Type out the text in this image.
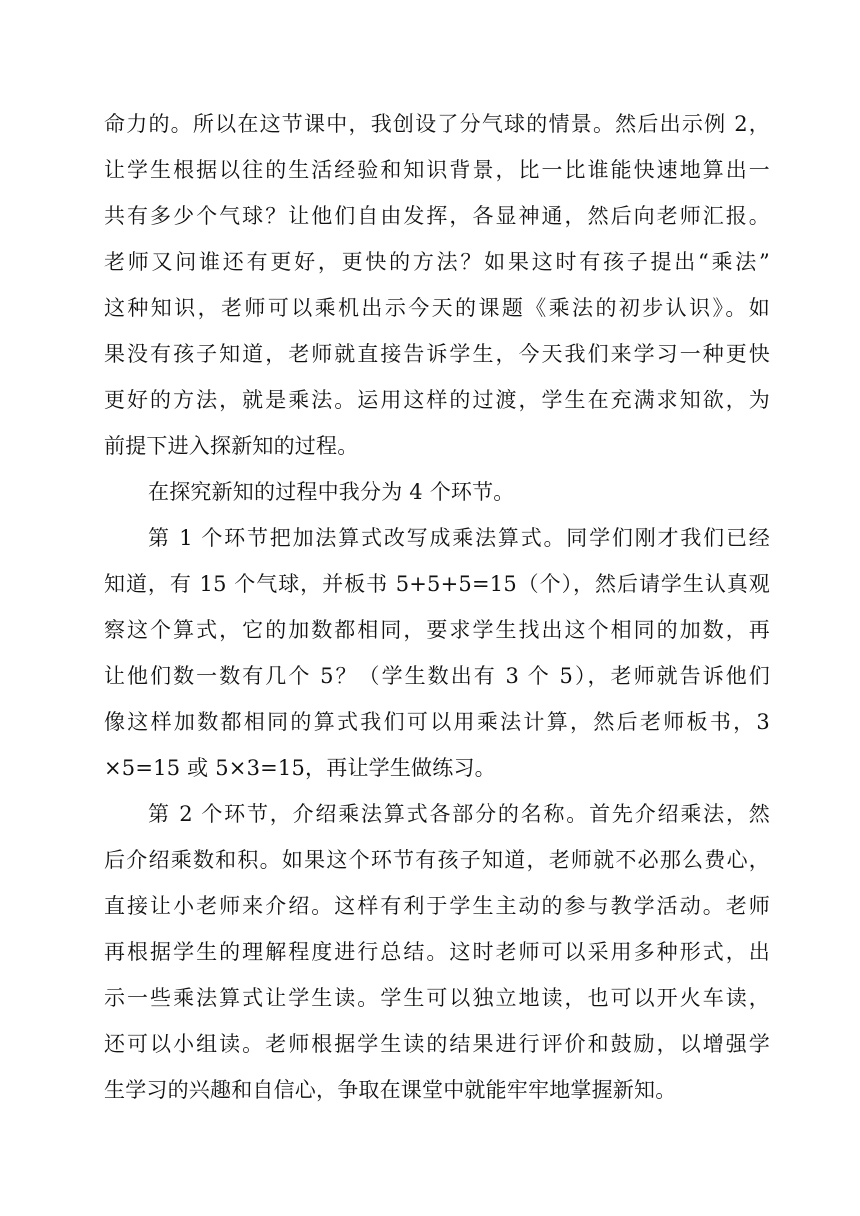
命力的。所以在这节课中，我创设了分气球的情景。然后出示例 2，
让学生根据以往的生活经验和知识背景，比一比谁能快速地算出一
共有多少个气球？让他们自由发挥，各显神通，然后向老师汇报。
老师又问谁还有更好，更快的方法？如果这时有孩子提出“乘法”
这种知识，老师可以乘机出示今天的课题《乘法的初步认识》。如
果没有孩子知道，老师就直接告诉学生，今天我们来学习一种更快
更好的方法，就是乘法。运用这样的过渡，学生在充满求知欲，为
前提下进入探新知的过程。
在探究新知的过程中我分为 4 个环节。
第 1 个环节把加法算式改写成乘法算式。同学们刚才我们已经
知道，有 15 个气球，并板书 5+5+5=15（个），然后请学生认真观
察这个算式，它的加数都相同，要求学生找出这个相同的加数，再
让他们数一数有几个 5？（学生数出有 3 个 5），老师就告诉他们
像这样加数都相同的算式我们可以用乘法计算，然后老师板书，3
×5=15 或 5×3=15，再让学生做练习。
第 2 个环节，介绍乘法算式各部分的名称。首先介绍乘法，然
后介绍乘数和积。如果这个环节有孩子知道，老师就不必那么费心，
直接让小老师来介绍。这样有利于学生主动的参与教学活动。老师
再根据学生的理解程度进行总结。这时老师可以采用多种形式，出
示一些乘法算式让学生读。学生可以独立地读，也可以开火车读，
还可以小组读。老师根据学生读的结果进行评价和鼓励，以增强学
生学习的兴趣和自信心，争取在课堂中就能牢牢地掌握新知。
